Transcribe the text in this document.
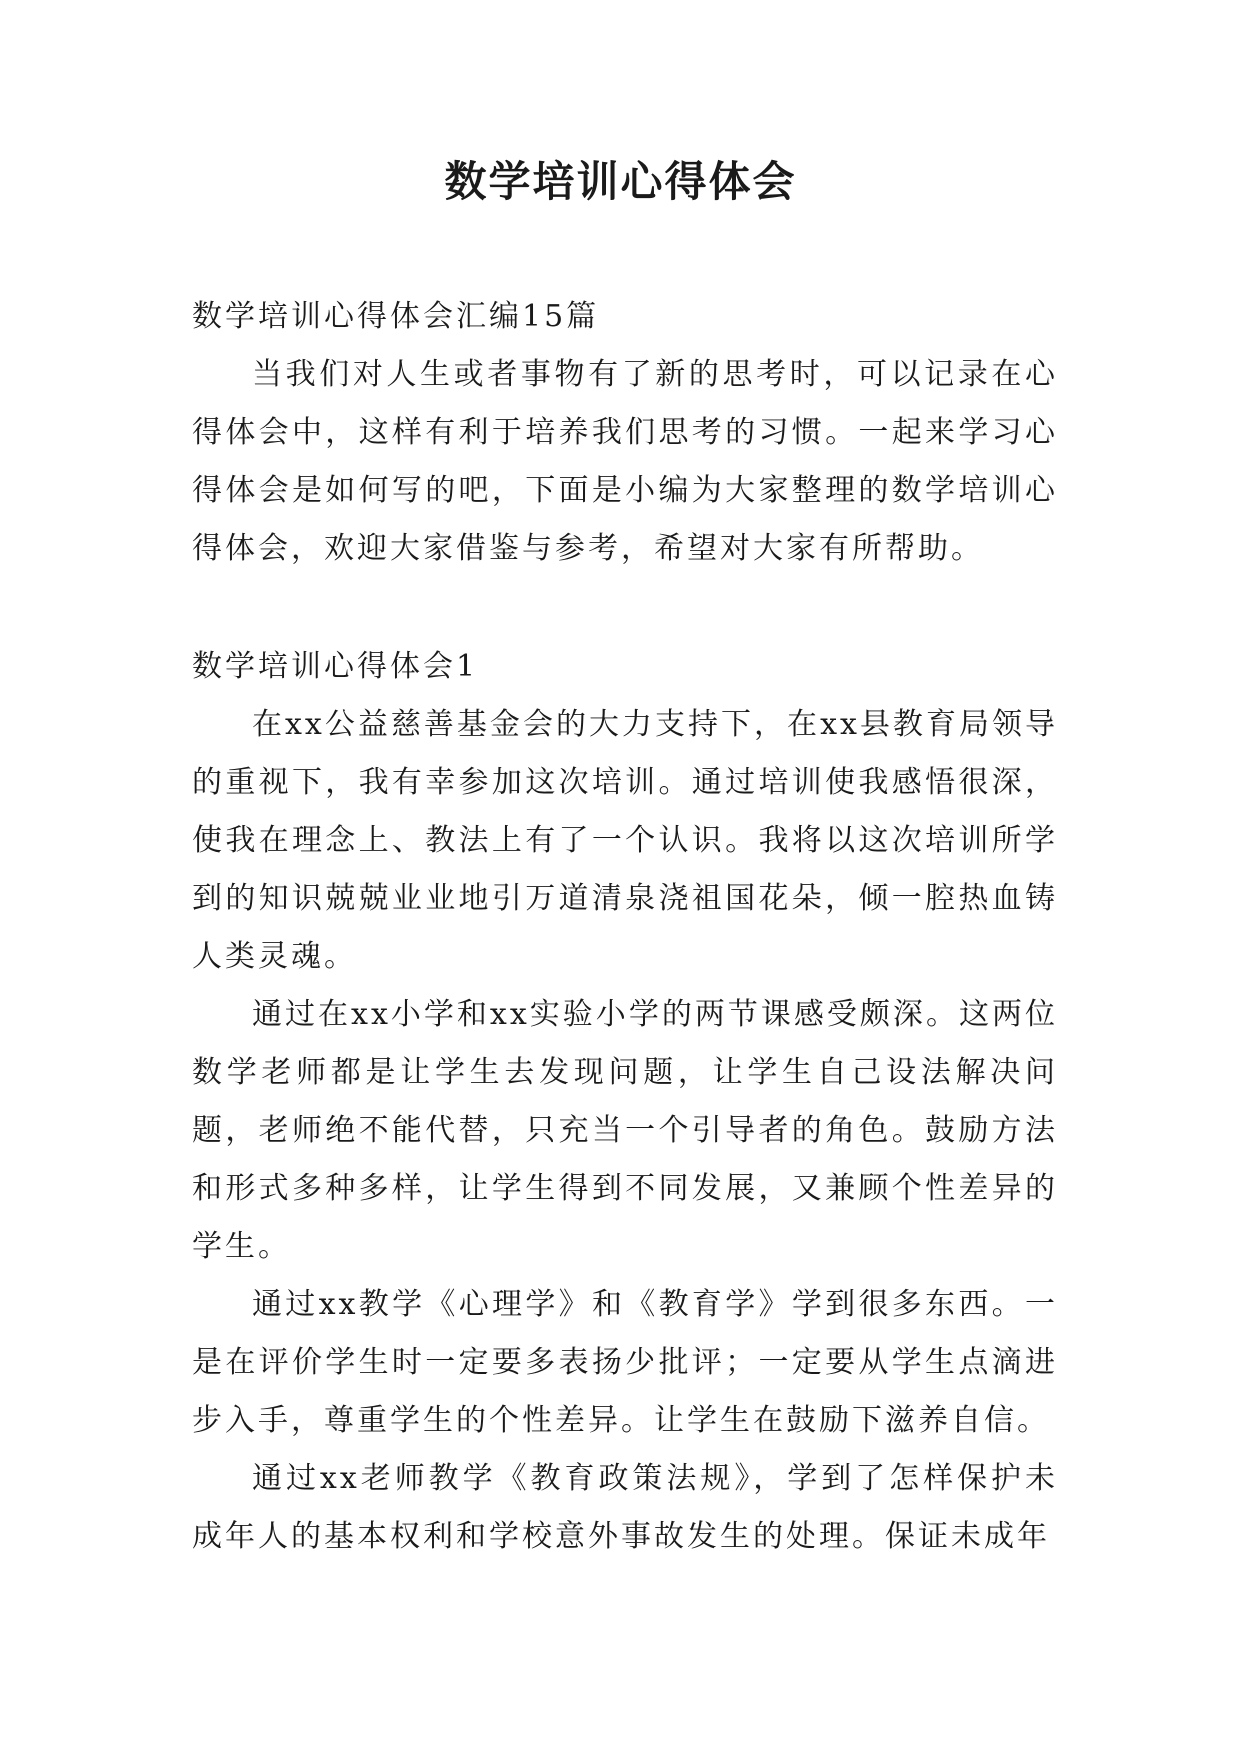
数学培训心得体会

数学培训心得体会汇编15篇

当我们对人生或者事物有了新的思考时，可以记录在心得体会中，这样有利于培养我们思考的习惯。一起来学习心得体会是如何写的吧，下面是小编为大家整理的数学培训心得体会，欢迎大家借鉴与参考，希望对大家有所帮助。

数学培训心得体会1

在xx公益慈善基金会的大力支持下，在xx县教育局领导的重视下，我有幸参加这次培训。通过培训使我感悟很深，使我在理念上、教法上有了一个认识。我将以这次培训所学到的知识兢兢业业地引万道清泉浇祖国花朵，倾一腔热血铸人类灵魂。

通过在xx小学和xx实验小学的两节课感受颇深。这两位数学老师都是让学生去发现问题，让学生自己设法解决问题，老师绝不能代替，只充当一个引导者的角色。鼓励方法和形式多种多样，让学生得到不同发展，又兼顾个性差异的学生。

通过xx教学《心理学》和《教育学》学到很多东西。一是在评价学生时一定要多表扬少批评；一定要从学生点滴进步入手，尊重学生的个性差异。让学生在鼓励下滋养自信。

通过xx老师教学《教育政策法规》，学到了怎样保护未成年人的基本权利和学校意外事故发生的处理。保证未成年
